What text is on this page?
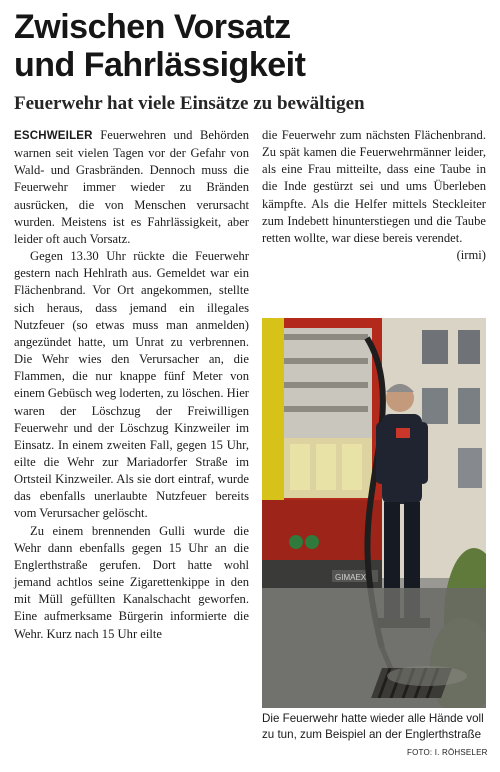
Zwischen Vorsatz
und Fahrlässigkeit
Feuerwehr hat viele Einsätze zu bewältigen

ESCHWEILER Feuerwehren und Behörden warnen seit vielen Tagen vor der Gefahr von Wald- und Grasbränden. Dennoch muss die Feuerwehr immer wieder zu Bränden ausrücken, die von Menschen verursacht wurden. Meistens ist es Fahrlässigkeit, aber leider oft auch Vorsatz.

Gegen 13.30 Uhr rückte die Feuerwehr gestern nach Hehlrath aus. Gemeldet war ein Flächenbrand. Vor Ort angekommen, stellte sich heraus, dass jemand ein illegales Nutzfeuer (so etwas muss man anmelden) angezündet hatte, um Unrat zu verbrennen. Die Wehr wies den Verursacher an, die Flammen, die nur knappe fünf Meter von einem Gebüsch weg loderten, zu löschen. Hier waren der Löschzug der Freiwilligen Feuerwehr und der Löschzug Kinzweiler im Einsatz. In einem zweiten Fall, gegen 15 Uhr, eilte die Wehr zur Mariadorfer Straße im Ortsteil Kinzweiler. Als sie dort eintraf, wurde das ebenfalls unerlaubte Nutzfeuer bereits vom Verursacher gelöscht.

Zu einem brennenden Gulli wurde die Wehr dann ebenfalls gegen 15 Uhr an die Englerthstraße gerufen. Dort hatte wohl jemand achtlos seine Zigarettenkippe in den mit Müll gefüllten Kanalschacht geworfen. Eine aufmerksame Bürgerin informierte die Wehr. Kurz nach 15 Uhr eilte

die Feuerwehr zum nächsten Flächenbrand. Zu spät kamen die Feuerwehrmänner leider, als eine Frau mitteilte, dass eine Taube in die Inde gestürzt sei und ums Überleben kämpfte. Als die Helfer mittels Steckleiter zum Indebett hinunterstiegen und die Taube retten wollte, war diese bereis verendet.
(irmi)

GIMAEX
Die Feuerwehr hatte wieder alle Hände voll zu tun, zum Beispiel an der Englerthstraße
FOTO: I. RÖHSELER
